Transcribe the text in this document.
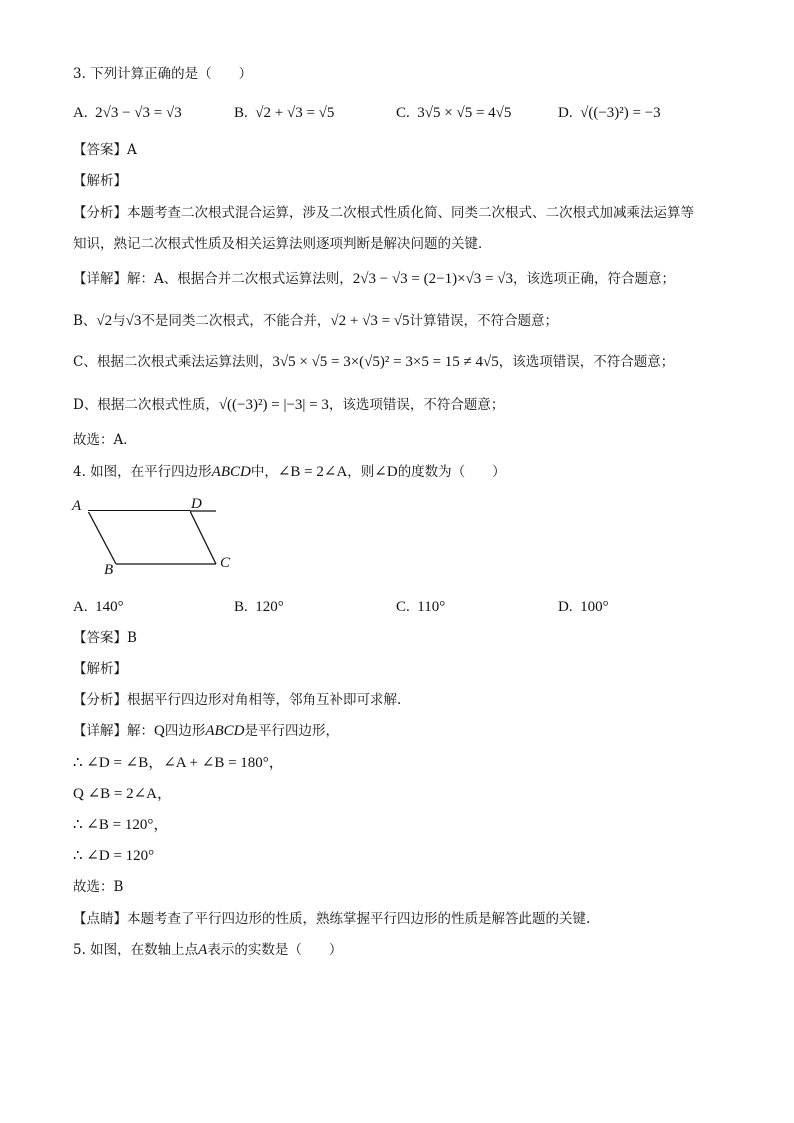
3. 下列计算正确的是（　　）
A. 2√3 − √3 = √3	B. √2 + √3 = √5	C. 3√5 × √5 = 4√5	D. √((−3)²) = −3
【答案】A
【解析】
【分析】本题考查二次根式混合运算，涉及二次根式性质化简、同类二次根式、二次根式加减乘法运算等
知识，熟记二次根式性质及相关运算法则逐项判断是解决问题的关键．
【详解】解：A、根据合并二次根式运算法则，2√3 − √3 = (2−1)×√3 = √3，该选项正确，符合题意；
B、√2与√3不是同类二次根式，不能合并，√2 + √3 = √5计算错误，不符合题意；
C、根据二次根式乘法运算法则，3√5 × √5 = 3×(√5)² = 3×5 = 15 ≠ 4√5，该选项错误，不符合题意；
D、根据二次根式性质，√((−3)²) = |−3| = 3，该选项错误，不符合题意；
故选：A．
4. 如图，在平行四边形ABCD中，∠B = 2∠A，则∠D的度数为（　　）
A	D
B	C
A. 140°	B. 120°	C. 110°	D. 100°
【答案】B
【解析】
【分析】根据平行四边形对角相等，邻角互补即可求解.
【详解】解：Q四边形ABCD是平行四边形，
∴ ∠D = ∠B，∠A + ∠B = 180°，
Q ∠B = 2∠A，
∴ ∠B = 120°，
∴ ∠D = 120°
故选：B
【点睛】本题考查了平行四边形的性质，熟练掌握平行四边形的性质是解答此题的关键.
5. 如图，在数轴上点A表示的实数是（　　）
